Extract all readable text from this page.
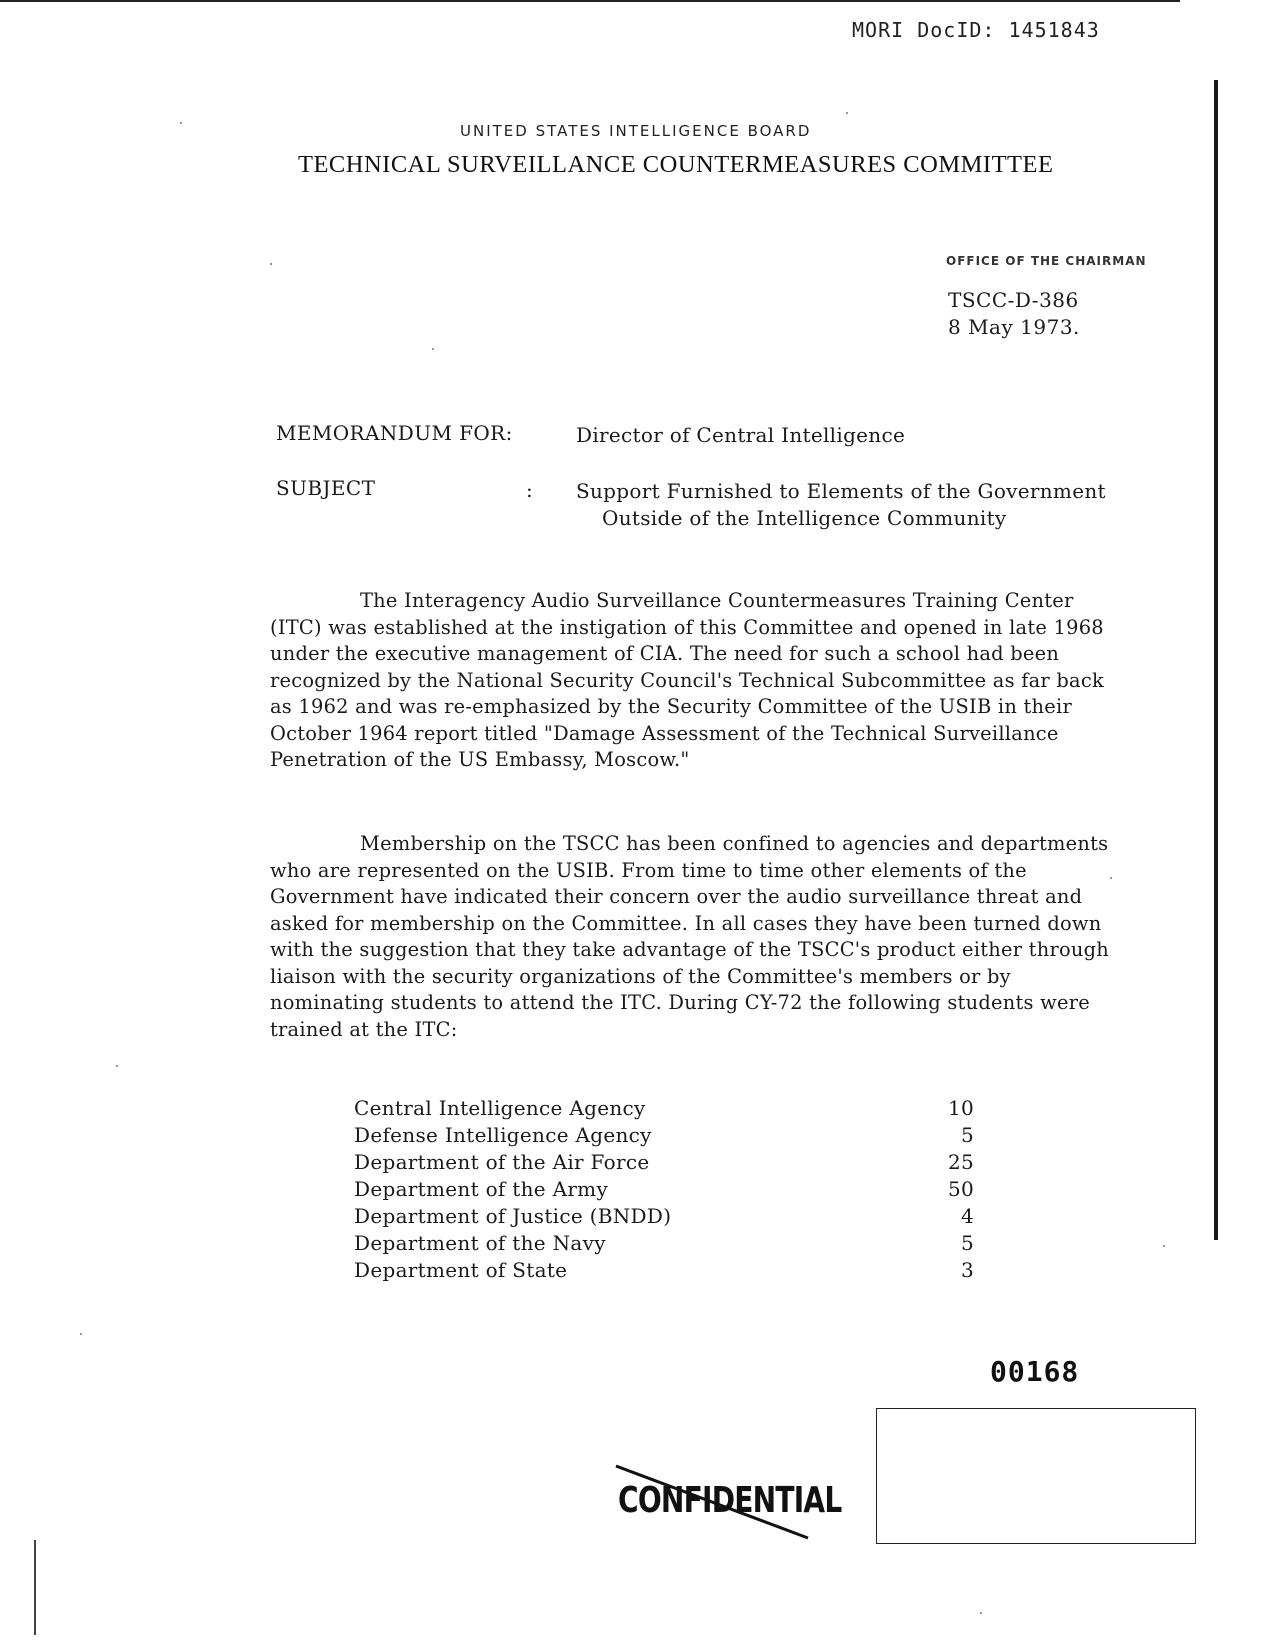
MORI DocID: 1451843
UNITED STATES INTELLIGENCE BOARD
TECHNICAL SURVEILLANCE COUNTERMEASURES COMMITTEE
OFFICE OF THE CHAIRMAN
TSCC-D-386
8 May 1973.
MEMORANDUM FOR:	Director of Central Intelligence
SUBJECT	: Support Furnished to Elements of the Government
Outside of the Intelligence Community

The Interagency Audio Surveillance Countermeasures Training Center (ITC) was established at the instigation of this Committee and opened in late 1968 under the executive management of CIA. The need for such a school had been recognized by the National Security Council's Technical Subcommittee as far back as 1962 and was re-emphasized by the Security Committee of the USIB in their October 1964 report titled "Damage Assessment of the Technical Surveillance Penetration of the US Embassy, Moscow."

Membership on the TSCC has been confined to agencies and departments who are represented on the USIB. From time to time other elements of the Government have indicated their concern over the audio surveillance threat and asked for membership on the Committee. In all cases they have been turned down with the suggestion that they take advantage of the TSCC's product either through liaison with the security organizations of the Committee's members or by nominating students to attend the ITC. During CY-72 the following students were trained at the ITC:

Central Intelligence Agency	10
Defense Intelligence Agency	5
Department of the Air Force	25
Department of the Army	50
Department of Justice (BNDD)	4
Department of the Navy	5
Department of State	3
00168
CONFIDENTIAL
